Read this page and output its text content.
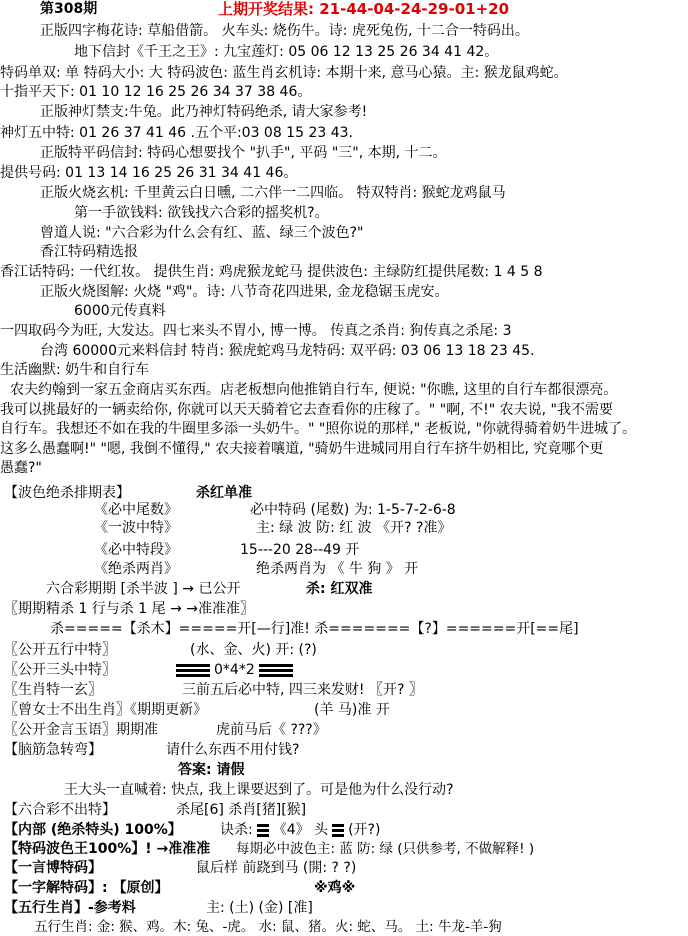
第308期	上期开奖结果: 21-44-04-24-29-01+20
正版四字梅花诗: 草船借箭。 火车头: 烧伤牛。诗: 虎死兔伤, 十二合一特码出。
地下信封《千王之王》: 九宝莲灯: 05 06 12 13 25 26 34 41 42。
特码单双: 单 特码大小: 大 特码波色: 蓝生肖玄机诗: 本期十来, 意马心猿。主: 猴龙鼠鸡蛇。
十指平天下: 01 10 12 16 25 26 34 37 38 46。
正版神灯禁支:牛兔。此乃神灯特码绝杀, 请大家参考!
神灯五中特: 01 26 37 41 46 .五个平:03 08 15 23 43.
正版特平码信封: 特码心想要找个 "扒手", 平码 "三", 本期, 十二。
提供号码: 01 13 14 16 25 26 31 34 41 46。
正版火烧玄机: 千里黄云白日曛, 二六伴一二四临。 特双特肖: 猴蛇龙鸡鼠马
第一手欲钱料: 欲钱找六合彩的摇奖机?。
曾道人说: "六合彩为什么会有红、蓝、绿三个波色?"
香江特码精选报
香江话特码: 一代红妆。 提供生肖: 鸡虎猴龙蛇马 提供波色: 主绿防红提供尾数: 1 4 5 8
正版火烧图解: 火烧 "鸡"。诗: 八节奇花四进果, 金龙稳锯玉虎安。
6000元传真料
一四取码今为旺, 大发达。四七来头不胃小, 博一博。 传真之杀肖: 狗传真之杀尾: 3
台湾 60000元来料信封 特肖: 猴虎蛇鸡马龙特码: 双平码: 03 06 13 18 23 45.
生活幽默: 奶牛和自行车
农夫约翰到一家五金商店买东西。店老板想向他推销自行车, 便说: "你瞧, 这里的自行车都很漂亮。
我可以挑最好的一辆卖给你, 你就可以天天骑着它去查看你的庄稼了。" "啊, 不!" 农夫说, "我不需要
自行车。我想还不如在我的牛圈里多添一头奶牛。" "照你说的那样," 老板说, "你就得骑着奶牛进城了。
这多么愚蠢啊!" "嗯, 我倒不懂得," 农夫接着嚷道, "骑奶牛进城同用自行车挤牛奶相比, 究竟哪个更
愚蠢?"
【波色绝杀排期表】	杀红单准
《必中尾数》	必中特码 (尾数) 为: 1-5-7-2-6-8
《一波中特》	主: 绿 波 防: 红 波 《开? ?准》
《必中特段》	15---20 28--49 开
《绝杀两肖》	绝杀两肖为 《 牛 狗 》 开
六合彩期期 [杀半波 ] → 已公开	杀: 红双准
〖期期精杀 1 行与杀 1 尾 → →准准准〗
杀=====【杀木】=====开[—行]准! 杀=======【?】======开[==尾]
〖公开五行中特〗	(水、金、火) 开: (?)
〖公开三头中特〗	0*4*2
〖生肖特一玄〗	三前五后必中特, 四三来发财! 〖开? 〗
〖曾女士不出生肖〗《期期更新》	(羊 马)准 开
〖公开金言玉语〗期期准	虎前马后《 ???》
【脑筋急转弯】	请什么东西不用付钱?
答案: 请假
王大头一直喊着: 快点, 我上课要迟到了。可是他为什么没行动?
【六合彩不出特】	杀尾[6] 杀肖[猪][猴]
【内部 (绝杀特头) 100%】	诀杀: 《4》 头 (开?)
【特码波色王100%】! →准准准 每期必中波色主: 蓝 防: 绿 (只供参考, 不做解释! )
【一言博特码】	鼠后样 前跷到马 (開: ? ?)
【一字解特码】: 【原创】	※鸡※
【五行生肖】-参考料	主: (土) (金) [准]
五行生肖: 金: 猴、鸡。木: 兔、-虎。 水: 鼠、猪。火: 蛇、马。 土: 牛龙-羊-狗
